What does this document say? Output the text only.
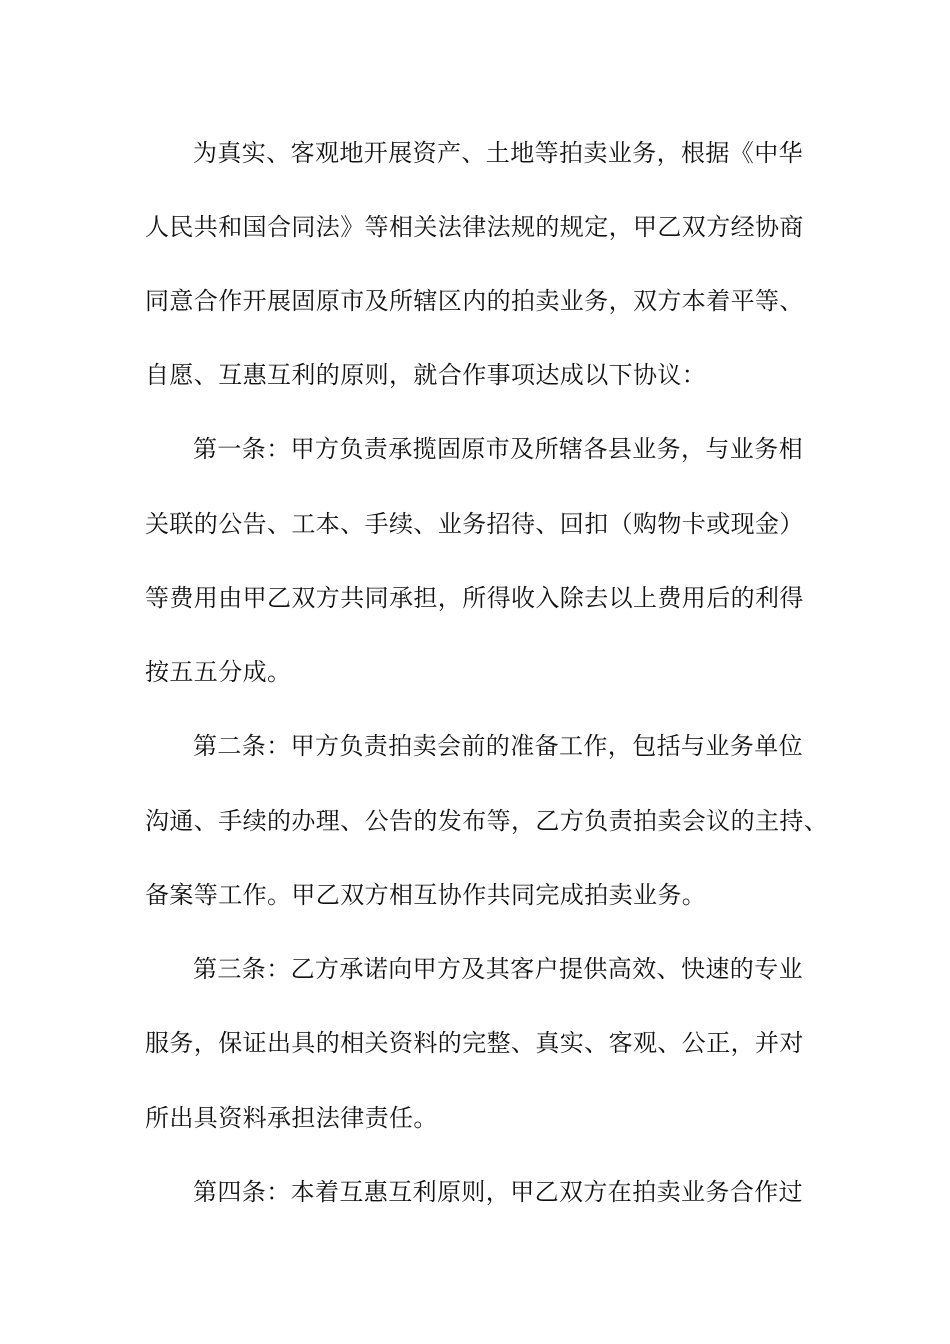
为真实、客观地开展资产、土地等拍卖业务，根据《中华
人民共和国合同法》等相关法律法规的规定，甲乙双方经协商
同意合作开展固原市及所辖区内的拍卖业务，双方本着平等、
自愿、互惠互利的原则，就合作事项达成以下协议：
第一条：甲方负责承揽固原市及所辖各县业务，与业务相
关联的公告、工本、手续、业务招待、回扣（购物卡或现金）
等费用由甲乙双方共同承担，所得收入除去以上费用后的利得
按五五分成。
第二条：甲方负责拍卖会前的准备工作，包括与业务单位
沟通、手续的办理、公告的发布等，乙方负责拍卖会议的主持、
备案等工作。甲乙双方相互协作共同完成拍卖业务。
第三条：乙方承诺向甲方及其客户提供高效、快速的专业
服务，保证出具的相关资料的完整、真实、客观、公正，并对
所出具资料承担法律责任。
第四条：本着互惠互利原则，甲乙双方在拍卖业务合作过
